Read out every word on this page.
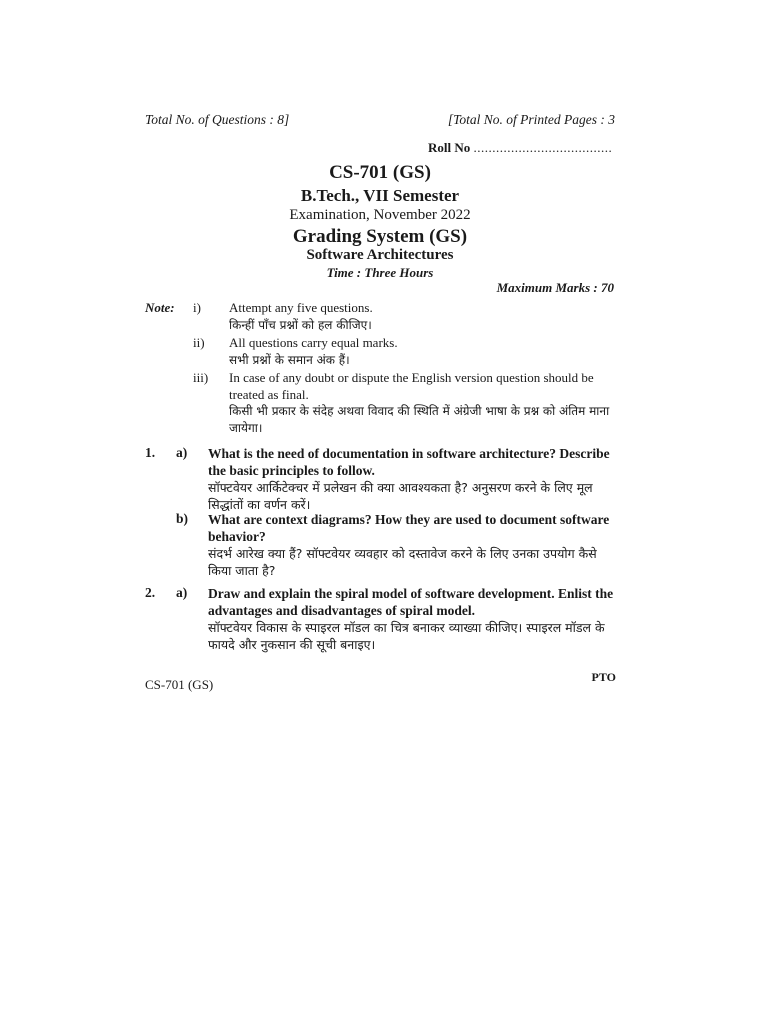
Total No. of Questions : 8]	[Total No. of Printed Pages : 3
Roll No .....................................
CS-701 (GS)
B.Tech., VII Semester
Examination, November 2022
Grading System (GS)
Software Architectures
Time : Three Hours
Maximum Marks : 70
Note: i) Attempt any five questions.
किन्हीं पाँच प्रश्नों को हल कीजिए।
ii) All questions carry equal marks.
सभी प्रश्नों के समान अंक हैं।
iii) In case of any doubt or dispute the English version question should be treated as final.
किसी भी प्रकार के संदेह अथवा विवाद की स्थिति में अंग्रेजी भाषा के प्रश्न को अंतिम माना जायेगा।
1. a) What is the need of documentation in software architecture? Describe the basic principles to follow.
सॉफ्टवेयर आर्किटेक्चर में प्रलेखन की क्या आवश्यकता है? अनुसरण करने के लिए मूल सिद्धांतों का वर्णन करें।
b) What are context diagrams? How they are used to document software behavior?
संदर्भ आरेख क्या हैं? सॉफ्टवेयर व्यवहार को दस्तावेज करने के लिए उनका उपयोग कैसे किया जाता है?
2. a) Draw and explain the spiral model of software development. Enlist the advantages and disadvantages of spiral model.
सॉफ्टवेयर विकास के स्पाइरल मॉडल का चित्र बनाकर व्याख्या कीजिए। स्पाइरल मॉडल के फायदे और नुकसान की सूची बनाइए।
CS-701 (GS)	PTO
